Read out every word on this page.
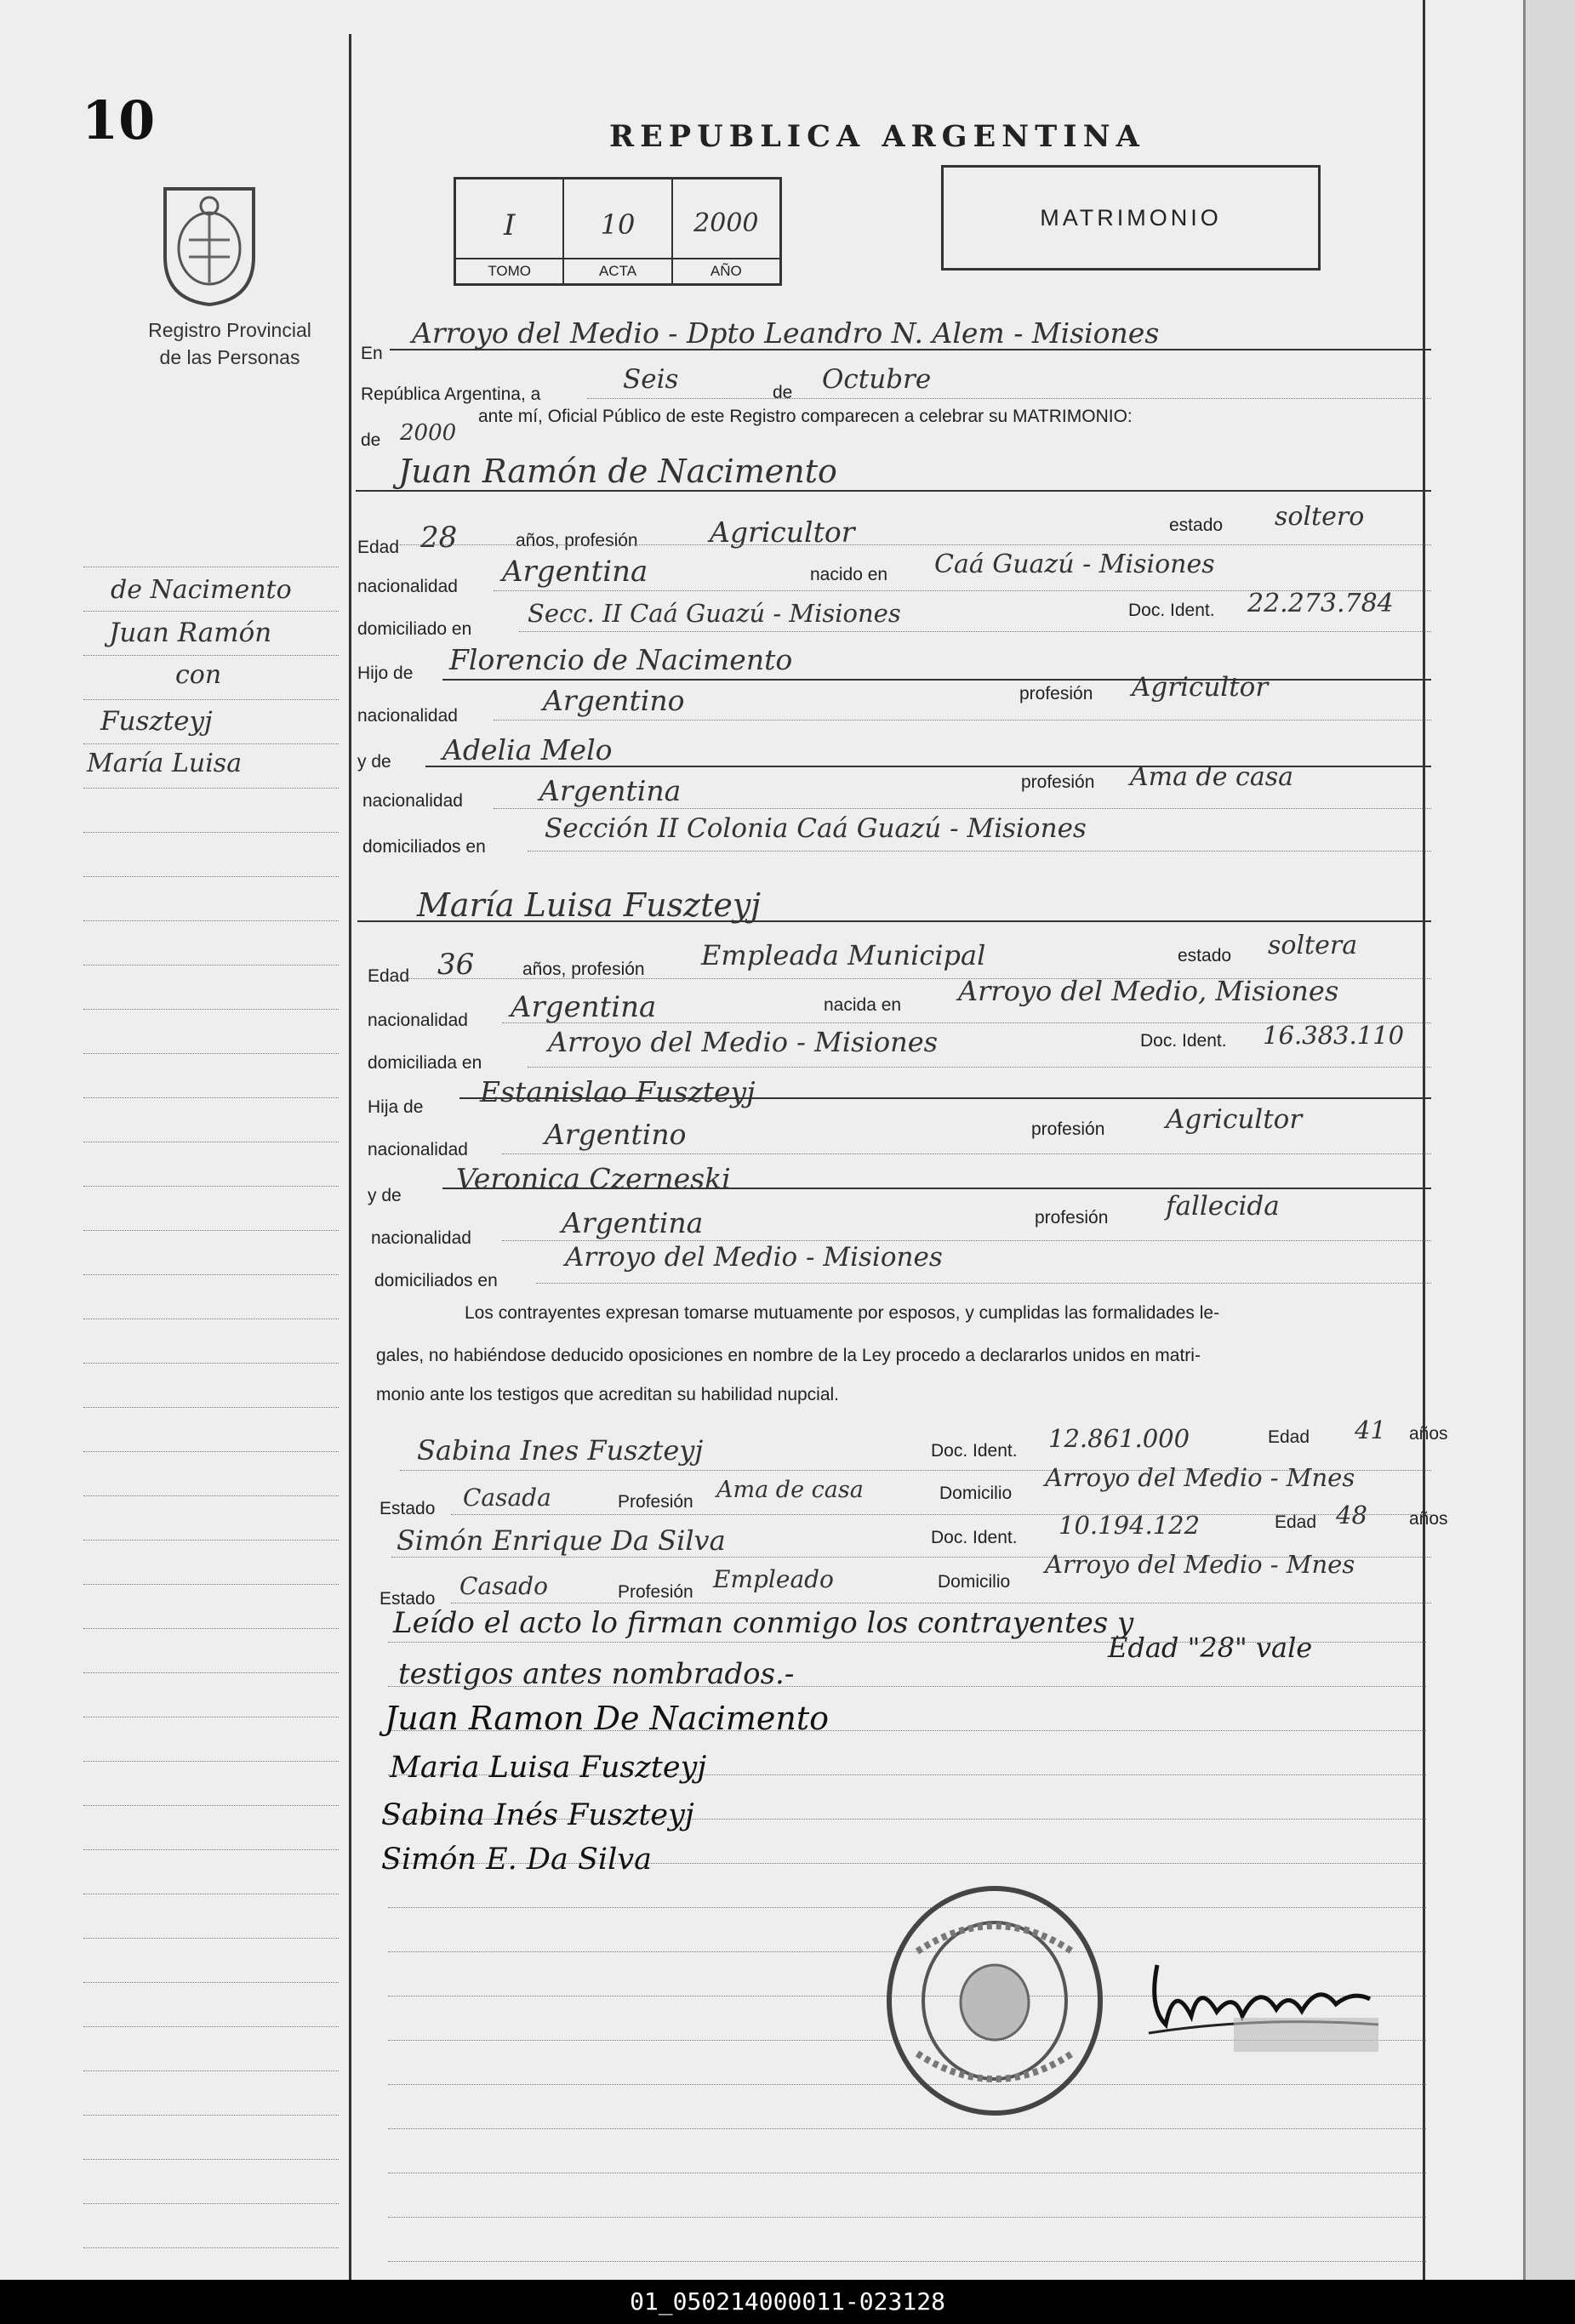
10
Registro Provincial
de las Personas
REPUBLICA ARGENTINA
I
TOMO
10
ACTA
2000
AÑO
MATRIMONIO
de Nacimento
Juan Ramón
con
Fuszteyj
María Luisa
En
Arroyo del Medio - Dpto Leandro N. Alem - Misiones
República Argentina, a	Seis	de Octubre
de 2000
ante mí, Oficial Público de este Registro comparecen a celebrar su MATRIMONIO:
Juan Ramón de Nacimento
Edad 28	años, profesión	Agricultor	estado soltero
nacionalidad Argentina	nacido en Caá Guazú - Misiones
domiciliado en
Secc. II Caá Guazú - Misiones	Doc. Ident. 22.273.784
Hijo de Florencio de Nacimento
nacionalidad	Argentino	profesión Agricultor
y de Adelia Melo
nacionalidad	Argentina	profesión Ama de casa
domiciliados en
Sección II Colonia Caá Guazú - Misiones
María Luisa Fuszteyj
Edad 36	años, profesión Empleada Municipal	estado soltera
nacionalidad Argentina	nacida en Arroyo del Medio, Misiones
domiciliada en
Arroyo del Medio - Misiones	Doc. Ident. 16.383.110
Hija de Estanislao Fuszteyj
nacionalidad	Argentino	profesión Agricultor
y de
Veronica Czerneski
nacionalidad	Argentina	profesión fallecida
domiciliados en
Arroyo del Medio - Misiones
Los contrayentes expresan tomarse mutuamente por esposos, y cumplidas las formalidades le-
gales, no habiéndose deducido oposiciones en nombre de la Ley procedo a declararlos unidos en matri-
monio ante los testigos que acreditan su habilidad nupcial.
Sabina Ines Fuszteyj	Doc. Ident. 12.861.000	Edad 41 años
Estado Casada	Profesión Ama de casa	Domicilio
Arroyo del Medio - Mnes
Simón Enrique Da Silva	Doc. Ident. 10.194.122	Edad 48 años
Estado Casado	Profesión Empleado	Domicilio
Arroyo del Medio - Mnes
Leído el acto lo firman conmigo los contrayentes y
testigos antes nombrados.-
Edad "28" vale
Juan Ramon De Nacimento
Maria Luisa Fuszteyj
Sabina Inés Fuszteyj
Simón E. Da Silva
01_050214000011-023128
